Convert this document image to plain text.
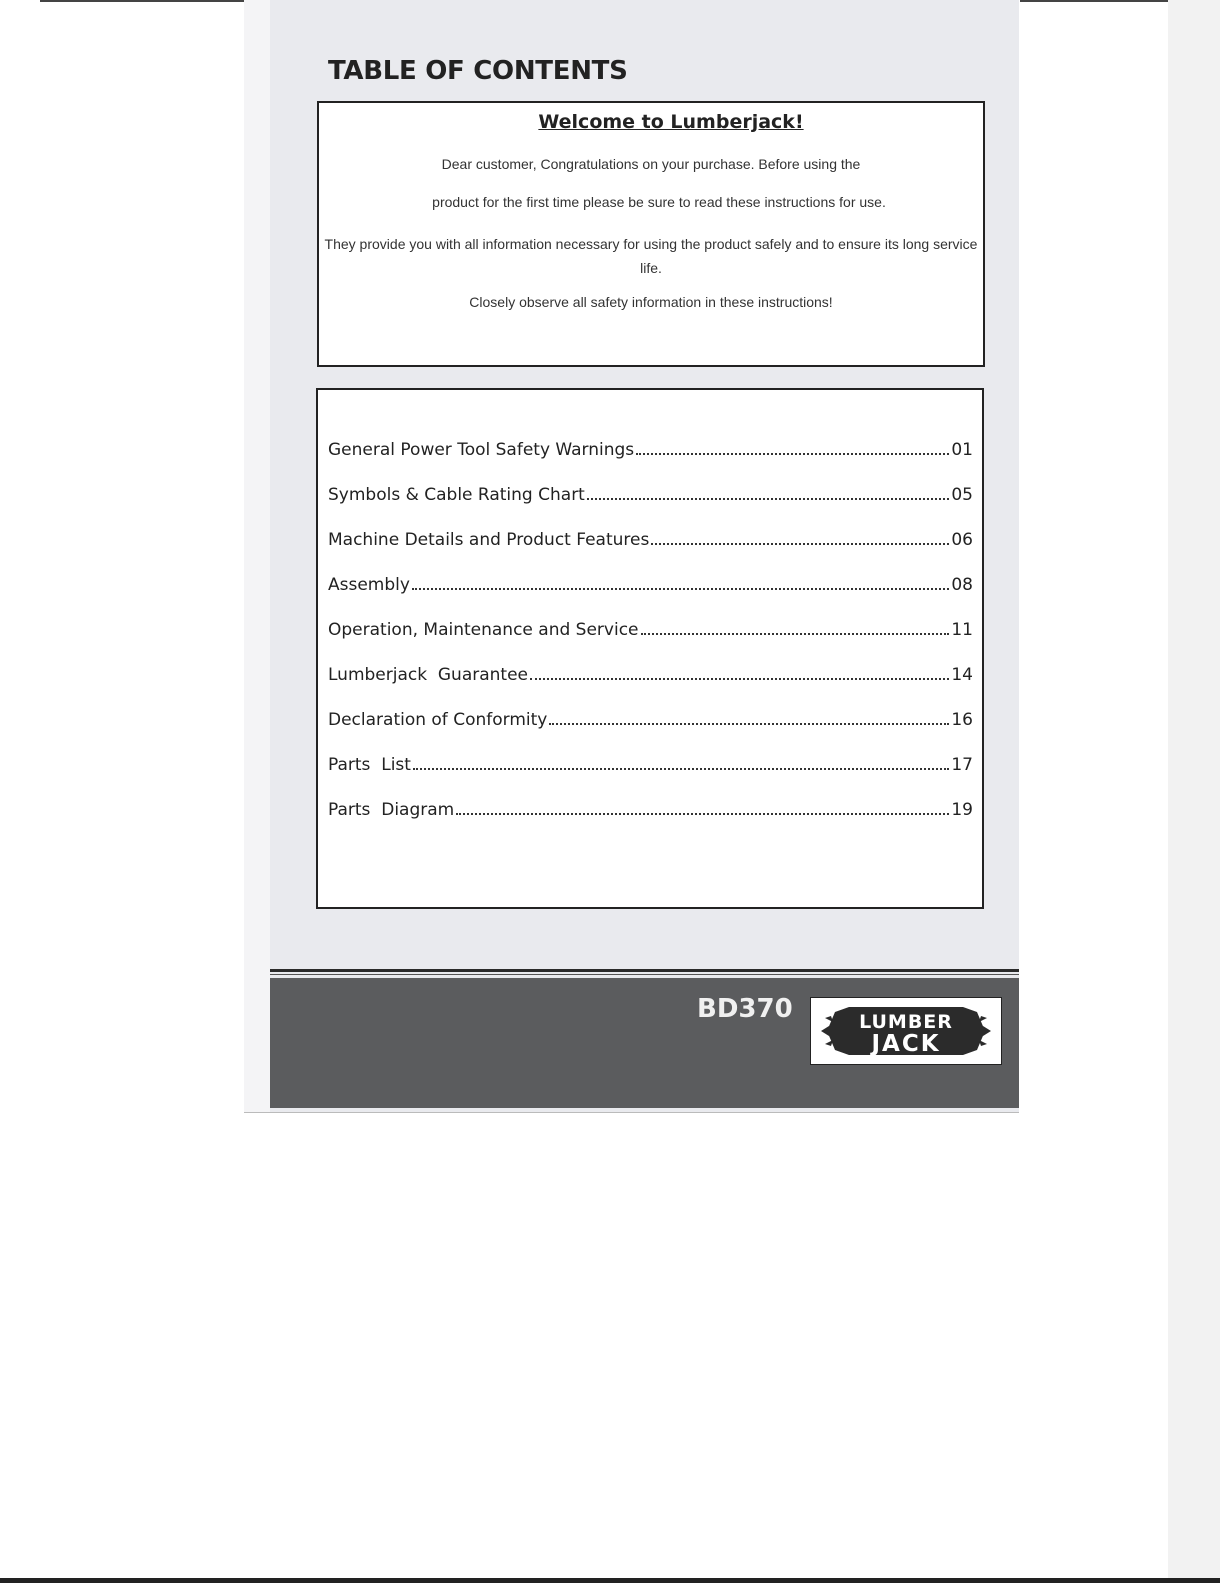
TABLE OF CONTENTS
Welcome to Lumberjack!

Dear customer, Congratulations on your purchase. Before using the

product for the first time please be sure to read these instructions for use.

They provide you with all information necessary for using the product safely and to ensure its long service life.

Closely observe all safety information in these instructions!

General Power Tool Safety Warnings	01
Symbols & Cable Rating Chart	05
Machine Details and Product Features	06
Assembly	08
Operation, Maintenance and Service	11
Lumberjack  Guarantee	14
Declaration of Conformity	16
Parts  List	17
Parts  Diagram	19
BD370	LUMBER
JACK
